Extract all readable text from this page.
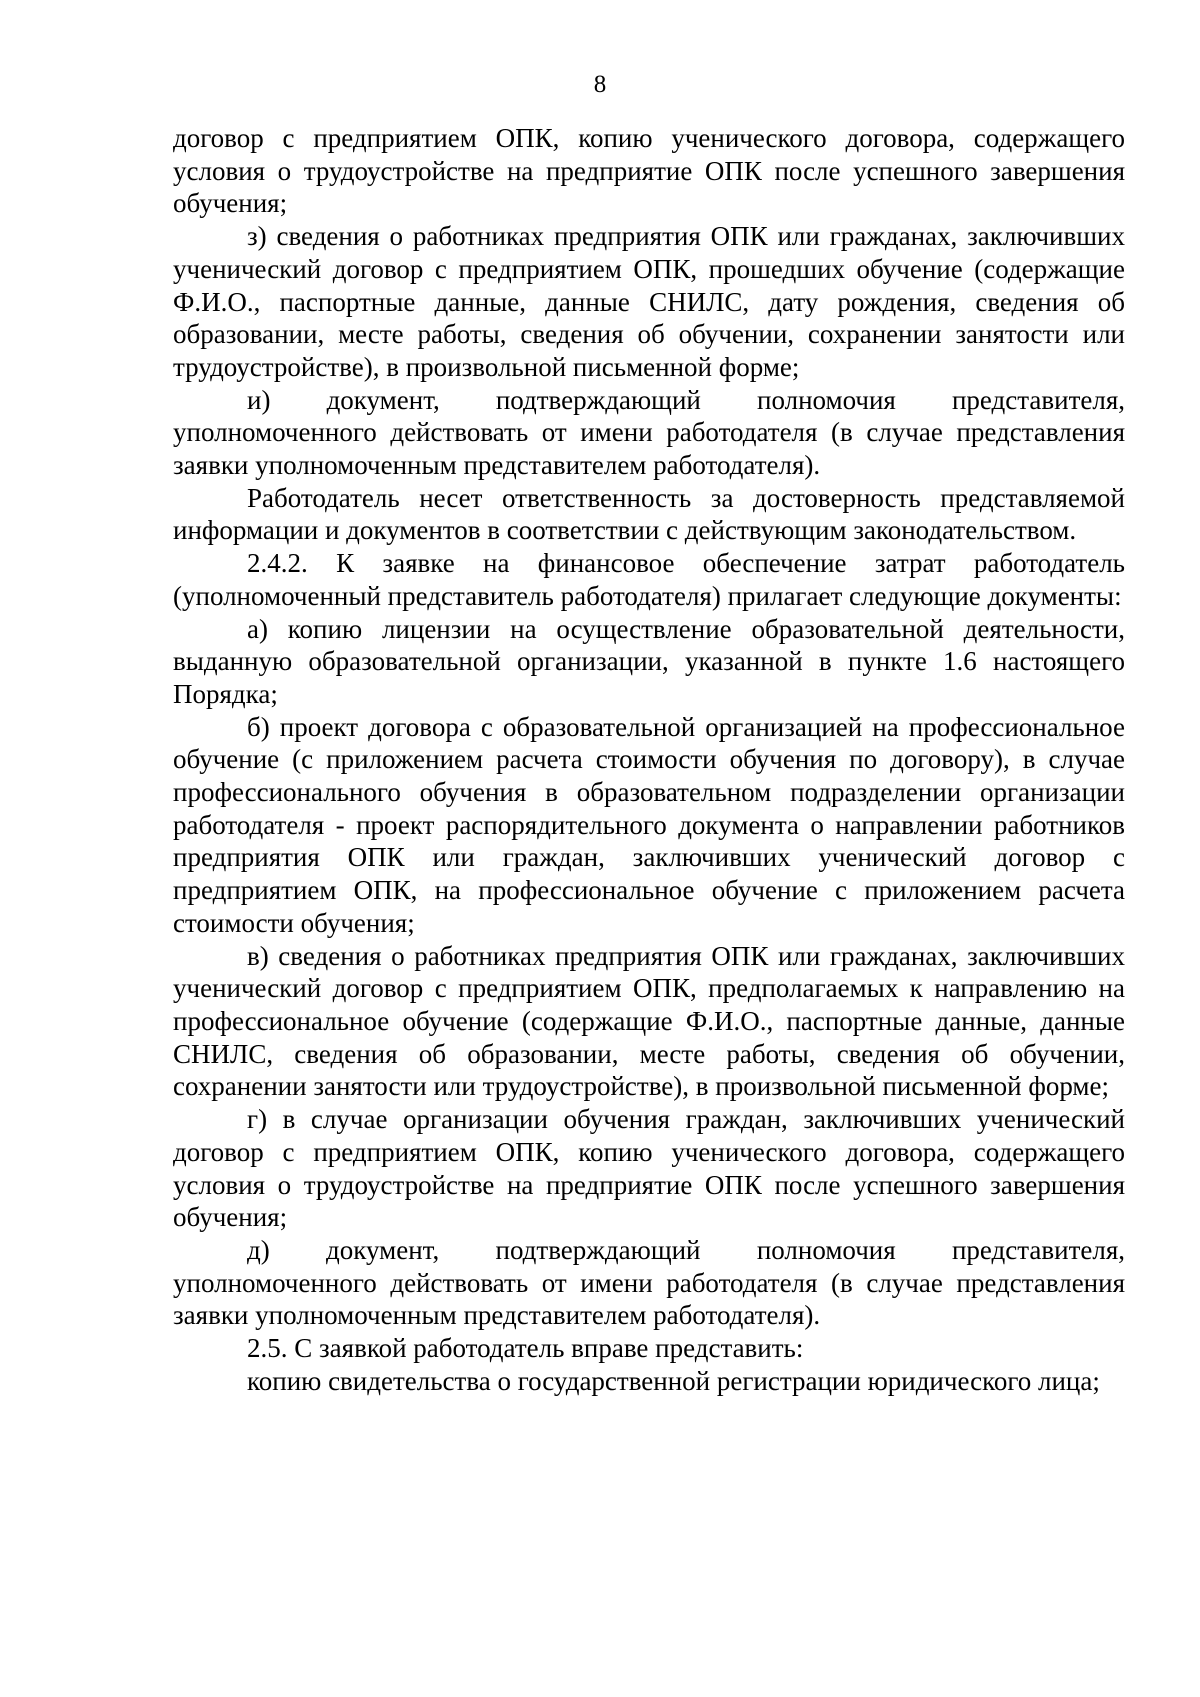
8

договор с предприятием ОПК, копию ученического договора, содержащего условия о трудоустройстве на предприятие ОПК после успешного завершения обучения;

з) сведения о работниках предприятия ОПК или гражданах, заключивших ученический договор с предприятием ОПК, прошедших обучение (содержащие Ф.И.О., паспортные данные, данные СНИЛС, дату рождения, сведения об образовании, месте работы, сведения об обучении, сохранении занятости или трудоустройстве), в произвольной письменной форме;

и) документ, подтверждающий полномочия представителя, уполномоченного действовать от имени работодателя (в случае представления заявки уполномоченным представителем работодателя).

Работодатель несет ответственность за достоверность представляемой информации и документов в соответствии с действующим законодательством.

2.4.2. К заявке на финансовое обеспечение затрат работодатель (уполномоченный представитель работодателя) прилагает следующие документы:

а) копию лицензии на осуществление образовательной деятельности, выданную образовательной организации, указанной в пункте 1.6 настоящего Порядка;

б) проект договора с образовательной организацией на профессиональное обучение (с приложением расчета стоимости обучения по договору), в случае профессионального обучения в образовательном подразделении организации работодателя - проект распорядительного документа о направлении работников предприятия ОПК или граждан, заключивших ученический договор с предприятием ОПК, на профессиональное обучение с приложением расчета стоимости обучения;

в) сведения о работниках предприятия ОПК или гражданах, заключивших ученический договор с предприятием ОПК, предполагаемых к направлению на профессиональное обучение (содержащие Ф.И.О., паспортные данные, данные СНИЛС, сведения об образовании, месте работы, сведения об обучении, сохранении занятости или трудоустройстве), в произвольной письменной форме;

г) в случае организации обучения граждан, заключивших ученический договор с предприятием ОПК, копию ученического договора, содержащего условия о трудоустройстве на предприятие ОПК после успешного завершения обучения;

д) документ, подтверждающий полномочия представителя, уполномоченного действовать от имени работодателя (в случае представления заявки уполномоченным представителем работодателя).

2.5. С заявкой работодатель вправе представить:

копию свидетельства о государственной регистрации юридического лица;
